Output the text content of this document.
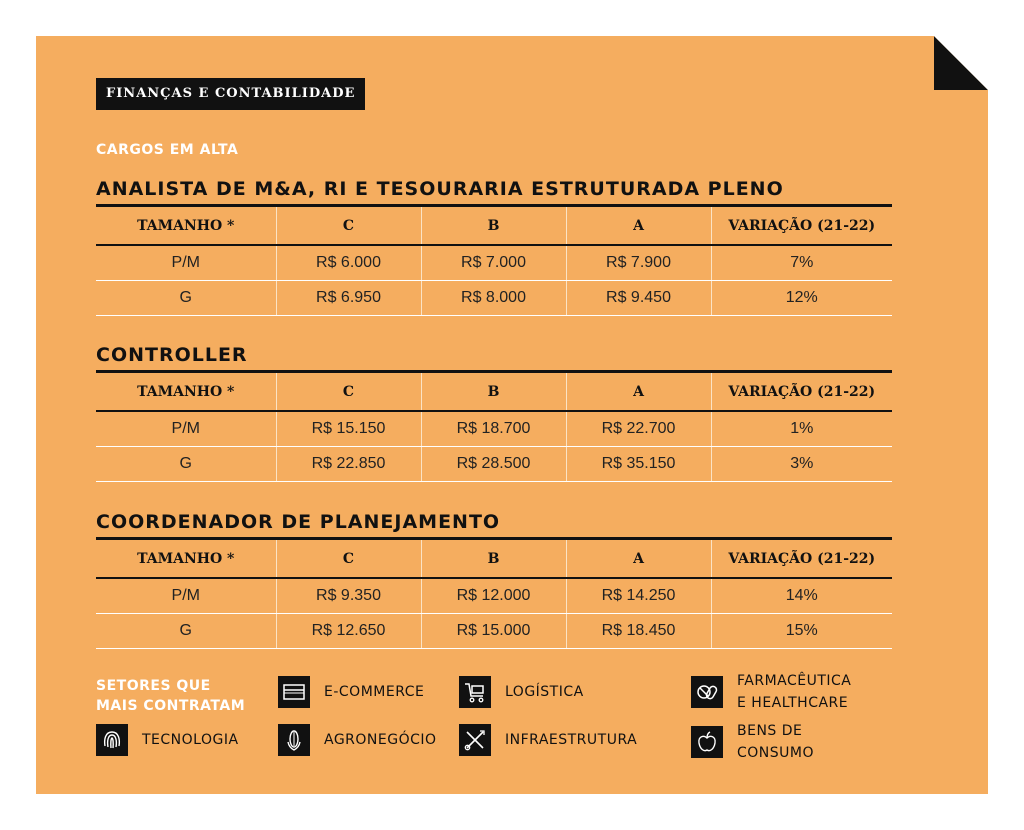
FINANÇAS E CONTABILIDADE
CARGOS EM ALTA
ANALISTA DE M&A, RI E TESOURARIA ESTRUTURADA PLENO
TAMANHO *	C	B	A	VARIAÇÃO (21-22)
P/M	R$ 6.000	R$ 7.000	R$ 7.900	7%
G	R$ 6.950	R$ 8.000	R$ 9.450	12%
CONTROLLER
TAMANHO *	C	B	A	VARIAÇÃO (21-22)
P/M	R$ 15.150	R$ 18.700	R$ 22.700	1%
G	R$ 22.850	R$ 28.500	R$ 35.150	3%
COORDENADOR DE PLANEJAMENTO
TAMANHO *	C	B	A	VARIAÇÃO (21-22)
P/M	R$ 9.350	R$ 12.000	R$ 14.250	14%
G	R$ 12.650	R$ 15.000	R$ 18.450	15%
SETORES QUE
MAIS CONTRATAM
E-COMMERCE	LOGÍSTICA
FARMACÊUTICA
E HEALTHCARE
TECNOLOGIA	AGRONEGÓCIO	INFRAESTRUTURA
BENS DE
CONSUMO
